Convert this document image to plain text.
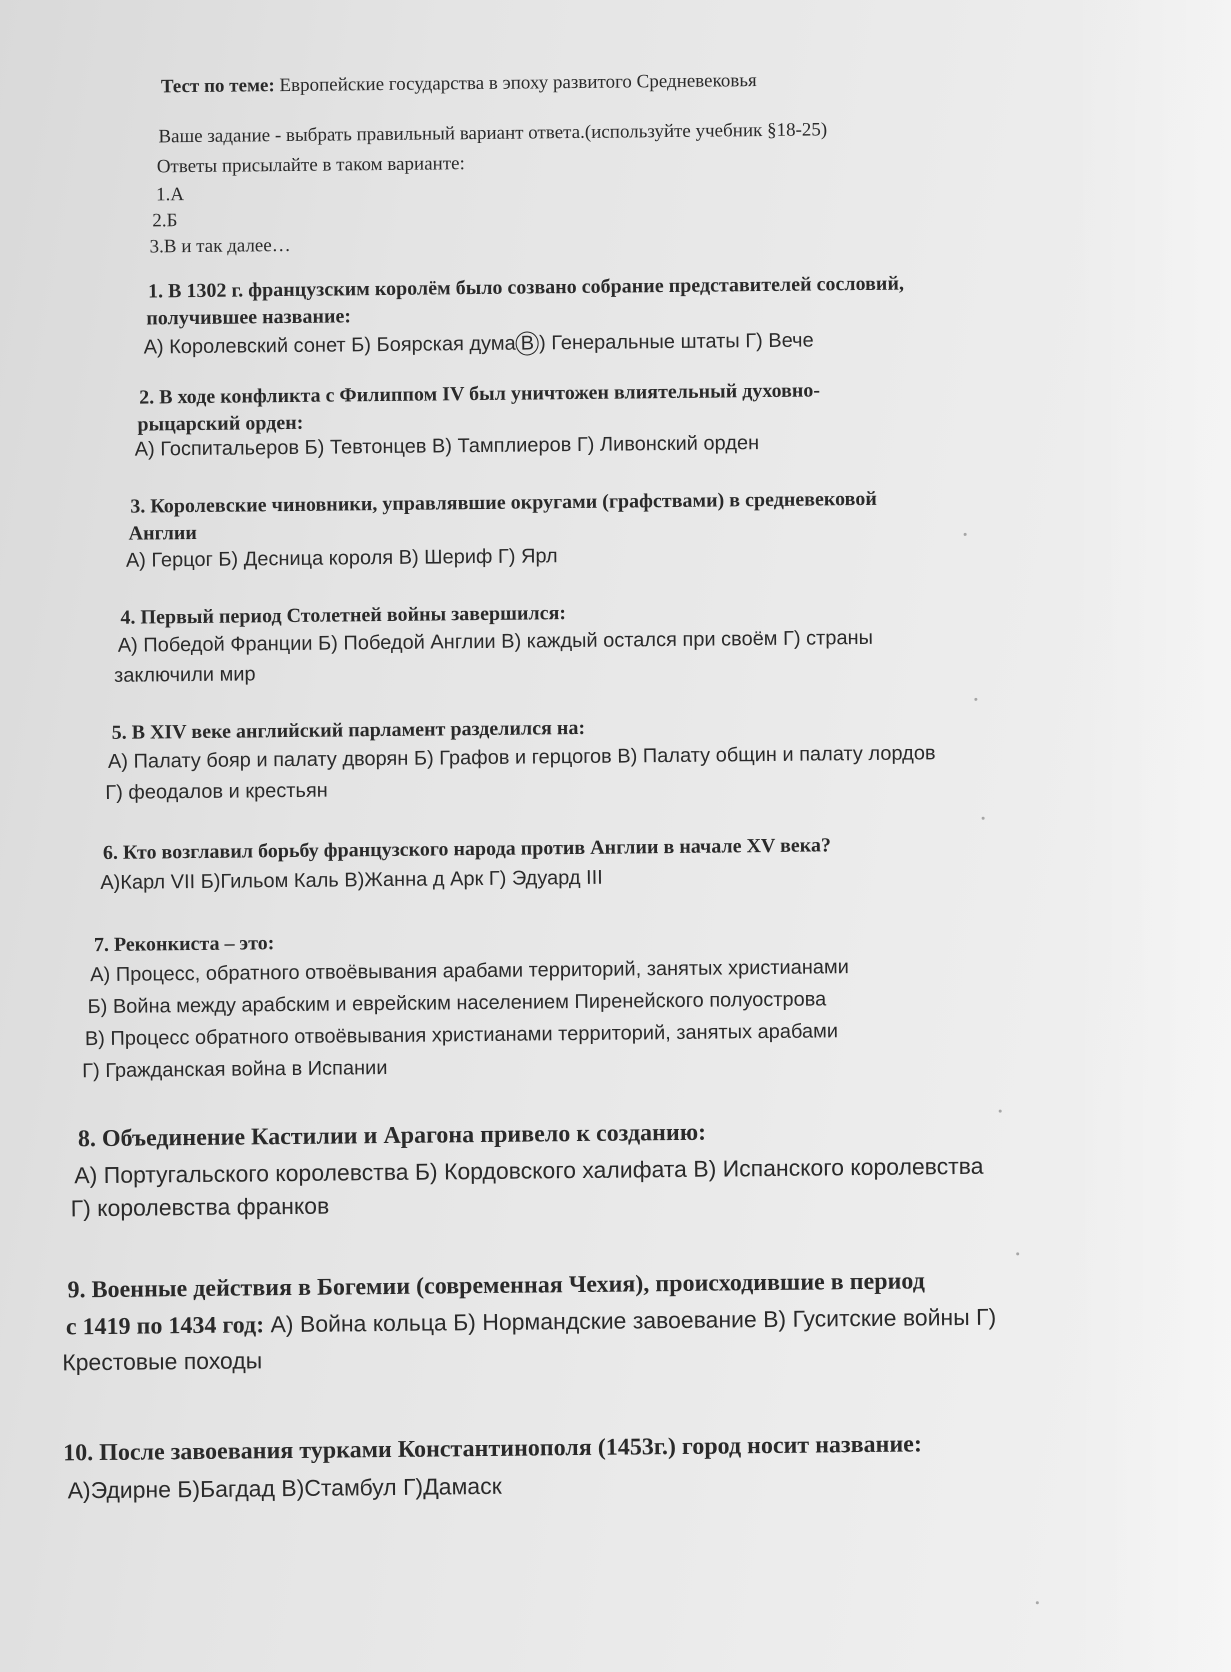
Тест по теме: Европейские государства в эпоху развитого Средневековья
Ваше задание - выбрать правильный вариант ответа.(используйте учебник §18-25)
Ответы присылайте в таком варианте:
1.А
2.Б
3.В и так далее…
1. В 1302 г. французским королём было созвано собрание представителей сословий,
получившее название:
А) Королевский сонет Б) Боярская дума В ) Генеральные штаты Г) Вече
2. В ходе конфликта с Филиппом IV был уничтожен влиятельный духовно-
рыцарский орден:
А) Госпитальеров Б) Тевтонцев В) Тамплиеров Г) Ливонский орден
3. Королевские чиновники, управлявшие округами (графствами) в средневековой
Англии
А) Герцог Б) Десница короля В) Шериф Г) Ярл
4. Первый период Столетней войны завершился:
А) Победой Франции Б) Победой Англии В) каждый остался при своём Г) страны
заключили мир
5. В XIV веке английский парламент разделился на:
А) Палату бояр и палату дворян Б) Графов и герцогов В) Палату общин и палату лордов
Г) феодалов и крестьян
6. Кто возглавил борьбу французского народа против Англии в начале XV века?
А)Карл VII Б)Гильом Каль В)Жанна д Арк Г) Эдуард III
7. Реконкиста – это:
А) Процесс, обратного отвоёвывания арабами территорий, занятых христианами
Б) Война между арабским и еврейским населением Пиренейского полуострова
В) Процесс обратного отвоёвывания христианами территорий, занятых арабами
Г) Гражданская война в Испании
8. Объединение Кастилии и Арагона привело к созданию:
А) Португальского королевства Б) Кордовского халифата В) Испанского королевства
Г) королевства франков
9. Военные действия в Богемии (современная Чехия), происходившие в период
с 1419 по 1434 год: А) Война кольца Б) Нормандские завоевание В) Гуситские войны Г)
Крестовые походы
10. После завоевания турками Константинополя (1453г.) город носит название:
А)Эдирне Б)Багдад В)Стамбул Г)Дамаск
